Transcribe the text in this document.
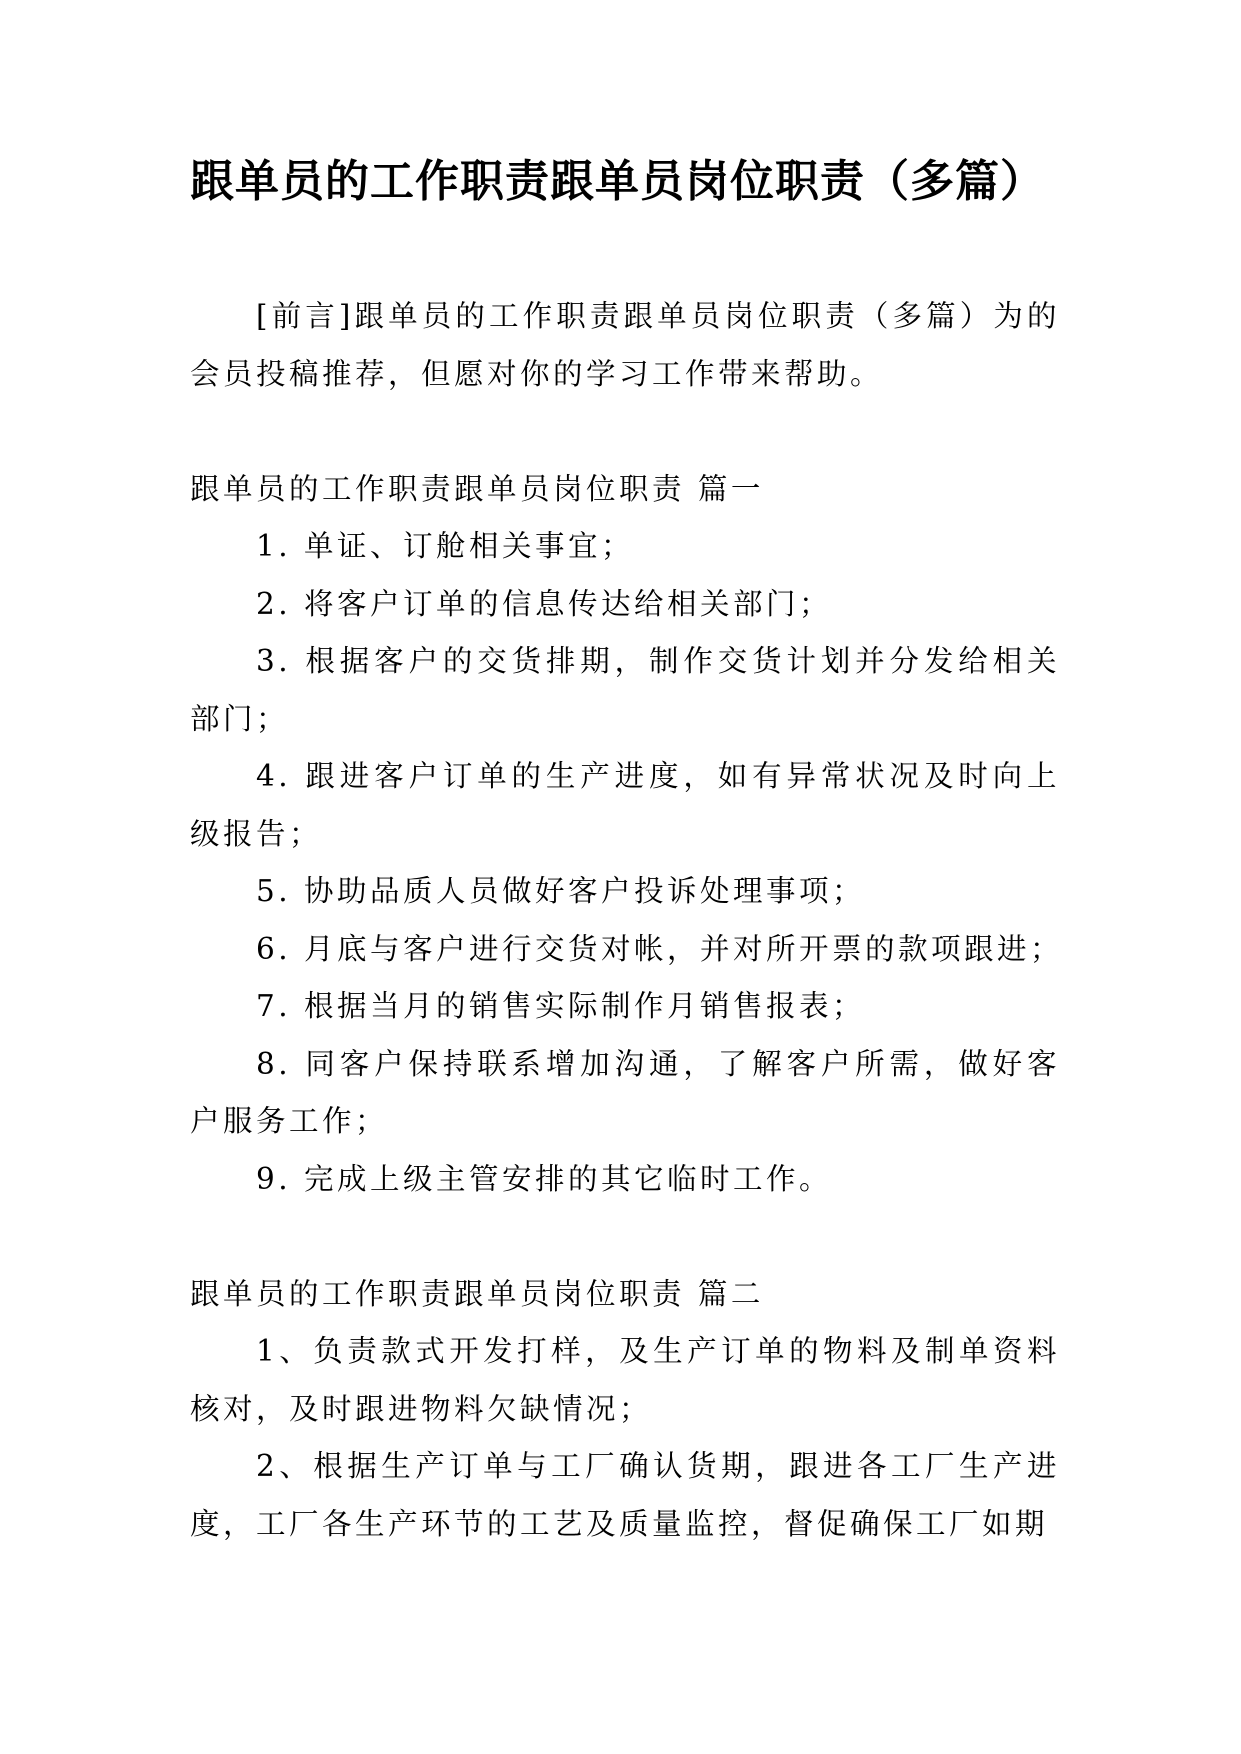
跟单员的工作职责跟单员岗位职责（多篇）

[前言]跟单员的工作职责跟单员岗位职责（多篇）为的会员投稿推荐，但愿对你的学习工作带来帮助。

跟单员的工作职责跟单员岗位职责 篇一

1. 单证、订舱相关事宜；

2. 将客户订单的信息传达给相关部门；

3. 根据客户的交货排期，制作交货计划并分发给相关部门；

4. 跟进客户订单的生产进度，如有异常状况及时向上级报告；

5. 协助品质人员做好客户投诉处理事项；

6. 月底与客户进行交货对帐，并对所开票的款项跟进；

7. 根据当月的销售实际制作月销售报表；

8. 同客户保持联系增加沟通，了解客户所需，做好客户服务工作；

9. 完成上级主管安排的其它临时工作。

跟单员的工作职责跟单员岗位职责 篇二

1、负责款式开发打样，及生产订单的物料及制单资料核对，及时跟进物料欠缺情况；

2、根据生产订单与工厂确认货期，跟进各工厂生产进度，工厂各生产环节的工艺及质量监控，督促确保工厂如期
